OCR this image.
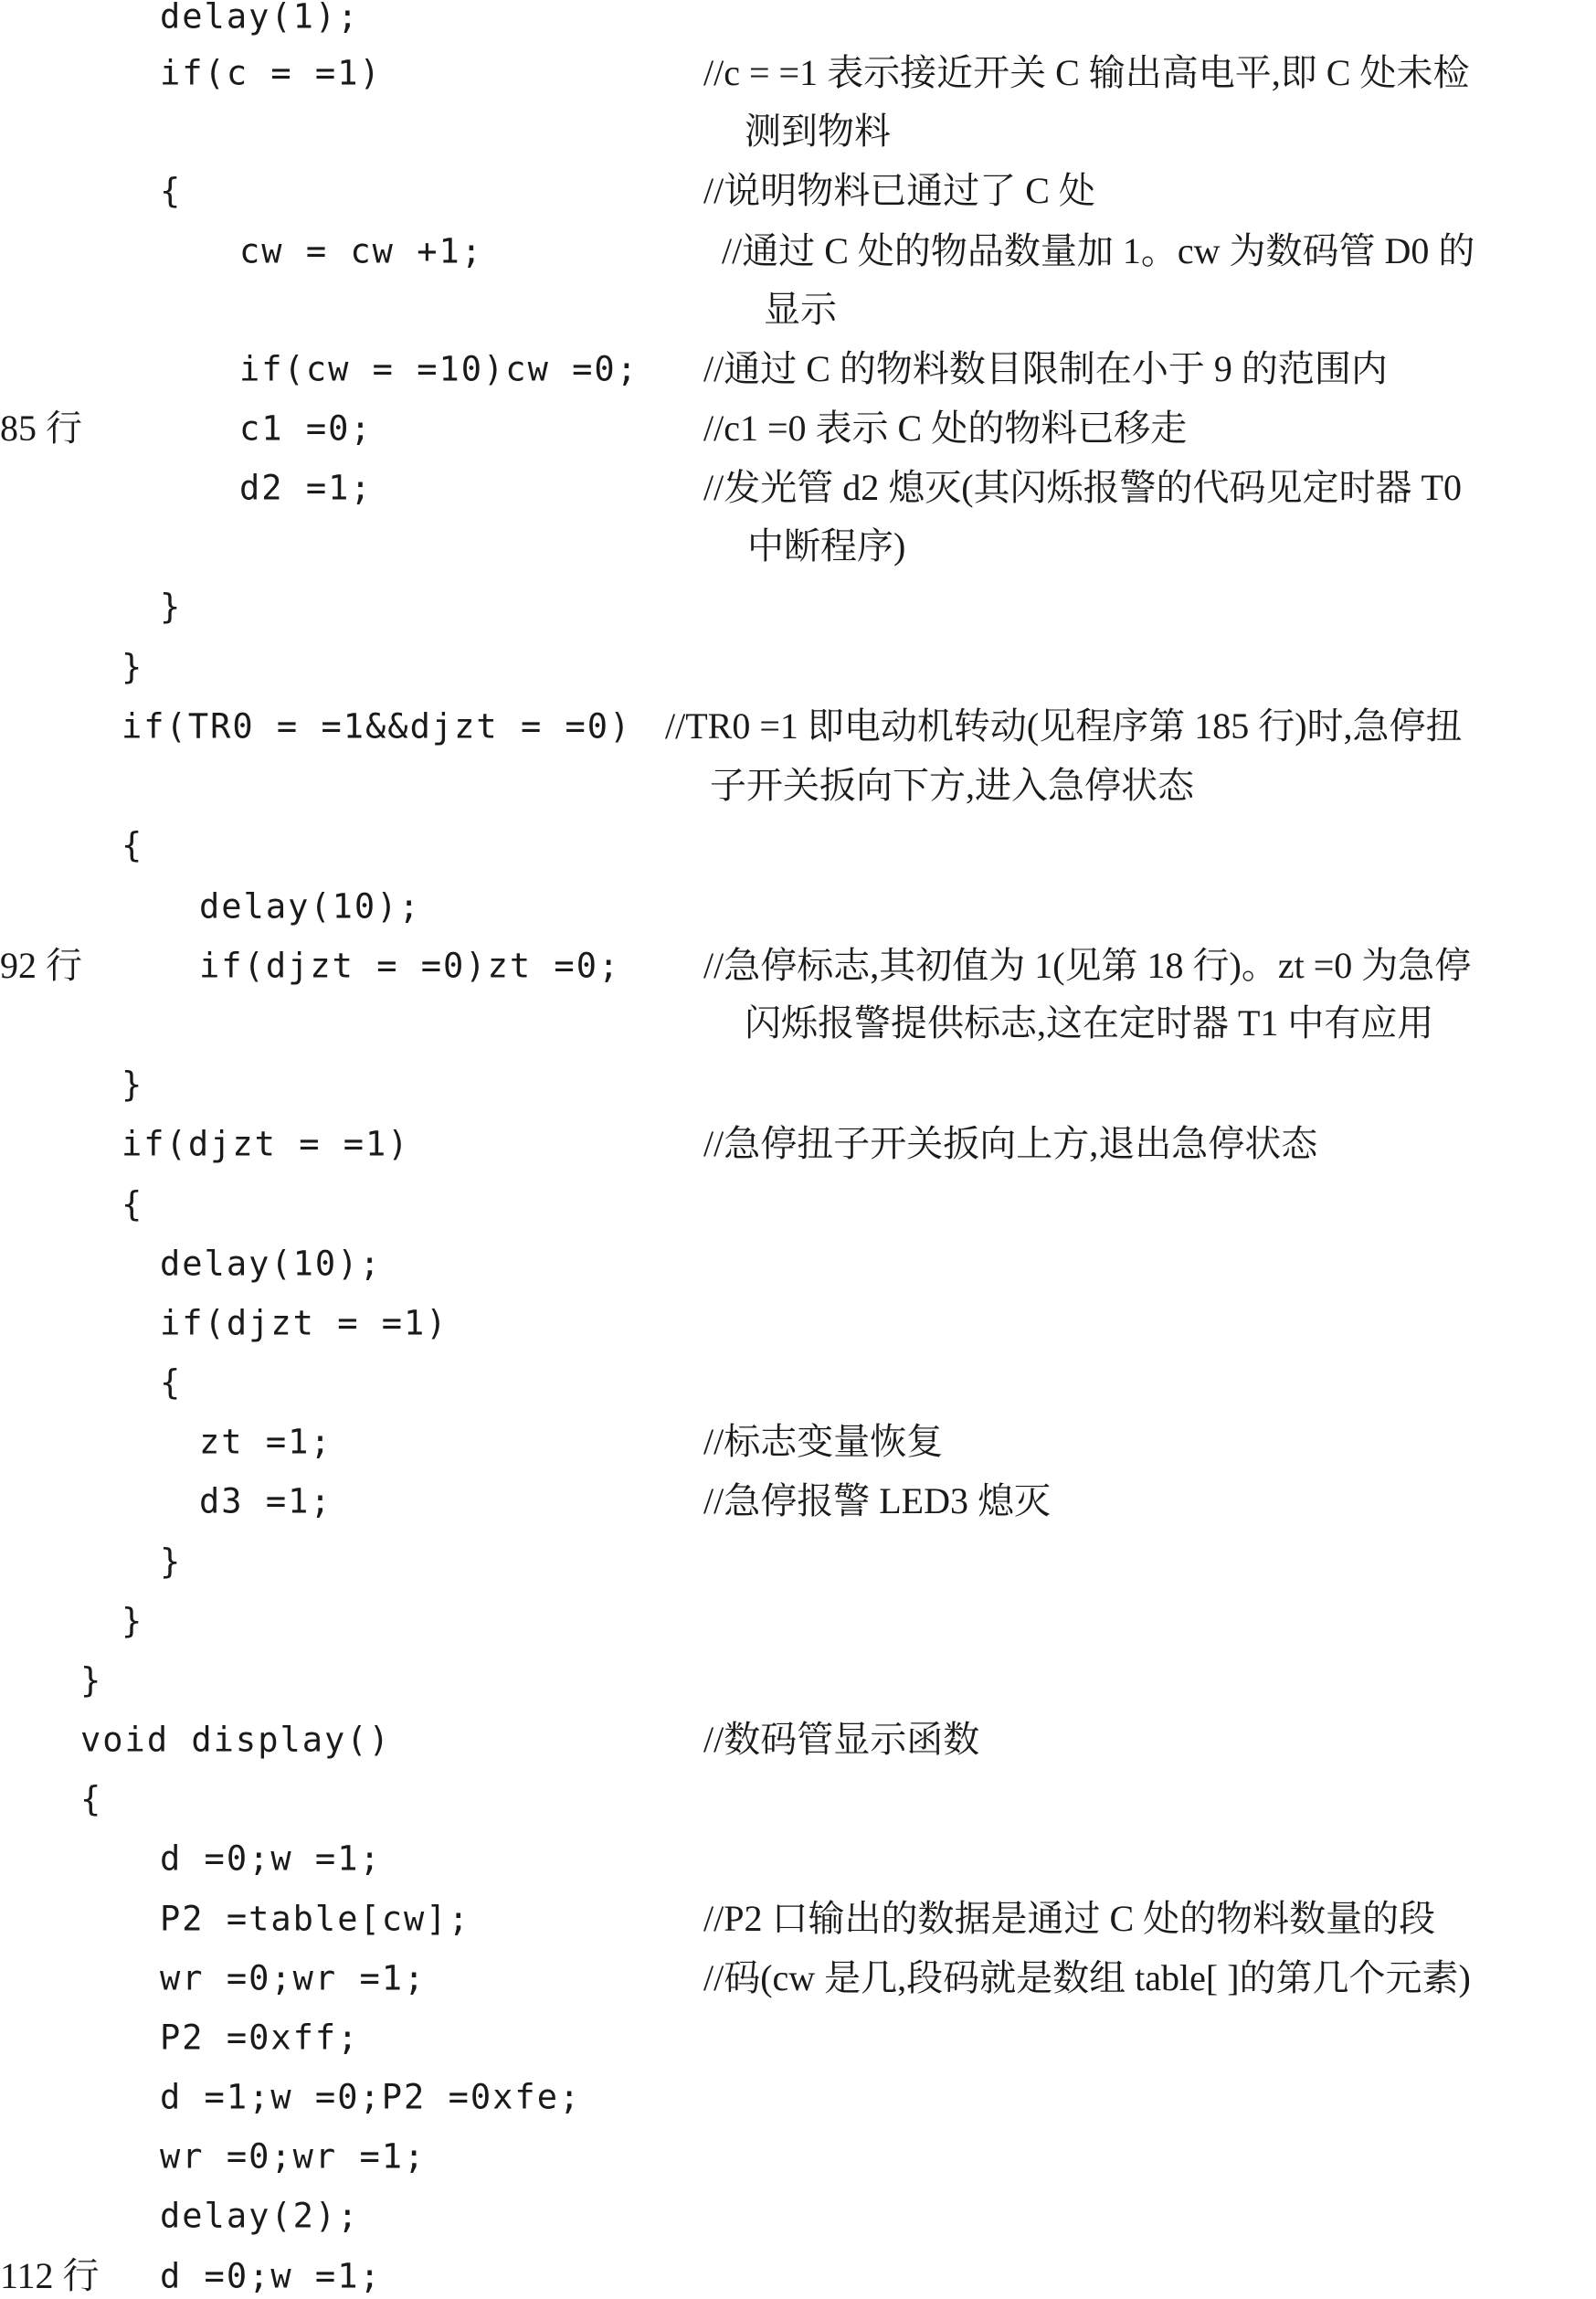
delay(1);
if(c = =1)	//c = =1 表示接近开关 C 输出高电平,即 C 处未检
测到物料
{	//说明物料已通过了 C 处
cw = cw +1;	//通过 C 处的物品数量加 1。cw 为数码管 D0 的
显示
if(cw = =10)cw =0; //通过 C 的物料数目限制在小于 9 的范围内
85 行	c1 =0;	//c1 =0 表示 C 处的物料已移走
d2 =1;	//发光管 d2 熄灭(其闪烁报警的代码见定时器 T0
中断程序)
}
}
if(TR0 = =1&&djzt = =0) //TR0 =1 即电动机转动(见程序第 185 行)时,急停扭
子开关扳向下方,进入急停状态
{
delay(10);
92 行	if(djzt = =0)zt =0; //急停标志,其初值为 1(见第 18 行)。zt =0 为急停
闪烁报警提供标志,这在定时器 T1 中有应用
}
if(djzt = =1)	//急停扭子开关扳向上方,退出急停状态
{
delay(10);
if(djzt = =1)
{
zt =1;	//标志变量恢复
d3 =1;	//急停报警 LED3 熄灭
}
}
}
void display()	//数码管显示函数
{
d =0;w =1;
P2 =table[cw];	//P2 口输出的数据是通过 C 处的物料数量的段
wr =0;wr =1;	//码(cw 是几,段码就是数组 table[ ]的第几个元素)
P2 =0xff;
d =1;w =0;P2 =0xfe;
wr =0;wr =1;
delay(2);
112 行 d =0;w =1;
